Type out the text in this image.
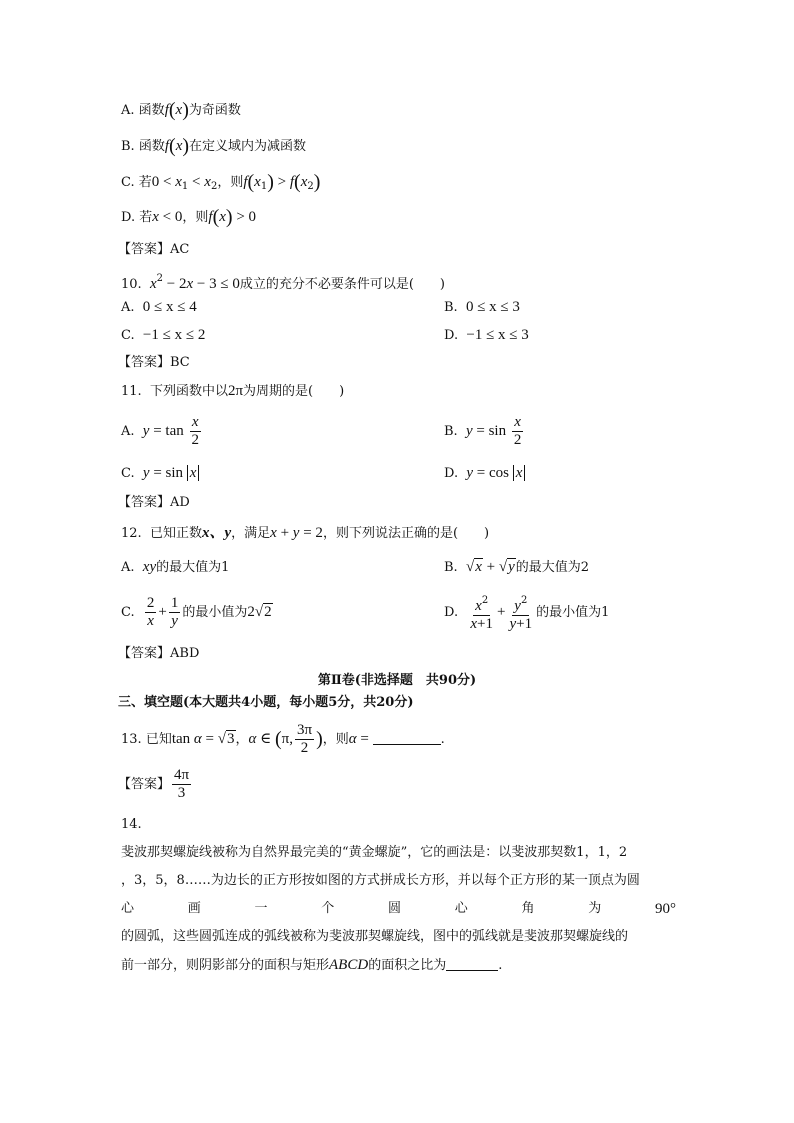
A. 函数f(x)为奇函数
B. 函数f(x)在定义域内为减函数
C. 若$0 < x_1 < x_2$，则$f(x_1) > f(x_2)$
D. 若x < 0，则f(x) > 0
【答案】AC
10. $x^2 - 2x - 3 \le 0$成立的充分不必要条件可以是(　　)
A. 0 ≤ x ≤ 4	B. 0 ≤ x ≤ 3
C. −1 ≤ x ≤ 2	D. −1 ≤ x ≤ 3
【答案】BC
11. 下列函数中以2π为周期的是(　　)
A. $y = \tan \frac{x}{2}$	B. $y = \sin \frac{x}{2}$
C. y = sin x	D. y = cos x
【答案】AD
12. 已知正数x、y，满足x + y = 2，则下列说法正确的是(　　)
A. xy的最大值为1	B. √x + √y的最大值为2
C. $\frac{2}{x} + \frac{1}{y}$ 的最小值为2√2	D. $\frac{x^2}{x+1} + \frac{y^2}{y+1}$ 的最小值为1
【答案】ABD
第Ⅱ卷(非选择题　共90分)
三、填空题(本大题共4小题，每小题5分，共20分)
13. 已知tan α = √3，α ∈ (π, $\frac{3\pi}{2}$ )，则α =	.
【答案】 $\frac{4\pi}{3}$
14.
斐波那契螺旋线被称为自然界最完美的“黄金螺旋”，它的画法是：以斐波那契数1，1，2
，3，5，8……为边长的正方形按如图的方式拼成长方形，并以每个正方形的某一顶点为圆
心	画	一	个	圆	心	角	为	90°
的圆弧，这些圆弧连成的弧线被称为斐波那契螺旋线，图中的弧线就是斐波那契螺旋线的
前一部分，则阴影部分的面积与矩形ABCD的面积之比为	.
